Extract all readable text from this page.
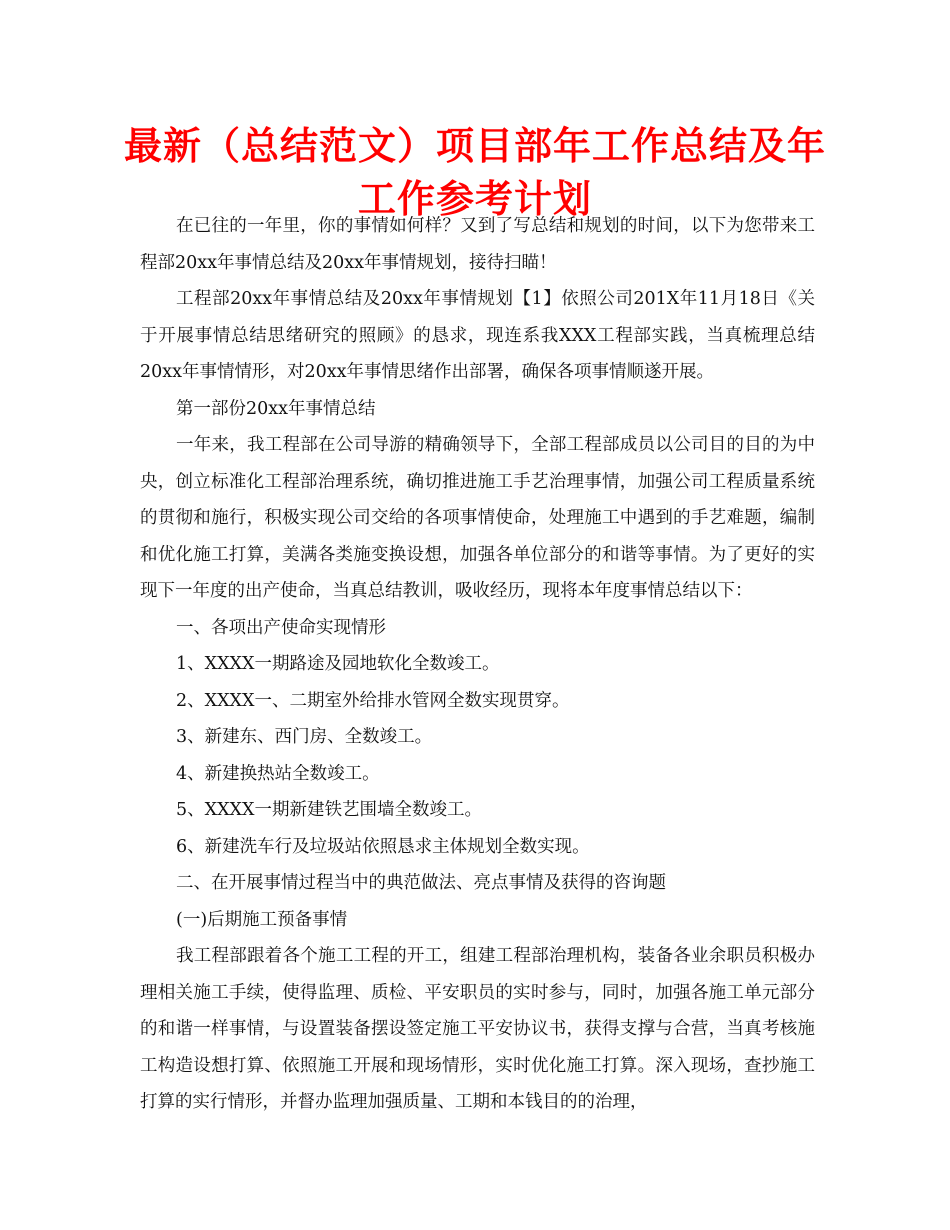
最新（总结范文）项目部年工作总结及年工作参考计划

在已往的一年里，你的事情如何样？又到了写总结和规划的时间，以下为您带来工程部20xx年事情总结及20xx年事情规划，接待扫瞄！

工程部20xx年事情总结及20xx年事情规划【1】依照公司201X年11月18日《关于开展事情总结思绪研究的照顾》的恳求，现连系我XXX工程部实践，当真梳理总结20xx年事情情形，对20xx年事情思绪作出部署，确保各项事情顺遂开展。

第一部份20xx年事情总结

一年来，我工程部在公司导游的精确领导下，全部工程部成员以公司目的目的为中央，创立标准化工程部治理系统，确切推进施工手艺治理事情，加强公司工程质量系统的贯彻和施行，积极实现公司交给的各项事情使命，处理施工中遇到的手艺难题，编制和优化施工打算，美满各类施变换设想，加强各单位部分的和谐等事情。为了更好的实现下一年度的出产使命，当真总结教训，吸收经历，现将本年度事情总结以下：

一、各项出产使命实现情形

1、XXXX一期路途及园地软化全数竣工。

2、XXXX一、二期室外给排水管网全数实现贯穿。

3、新建东、西门房、全数竣工。

4、新建换热站全数竣工。

5、XXXX一期新建铁艺围墙全数竣工。

6、新建洗车行及垃圾站依照恳求主体规划全数实现。

二、在开展事情过程当中的典范做法、亮点事情及获得的咨询题

(一)后期施工预备事情

我工程部跟着各个施工工程的开工，组建工程部治理机构，装备各业余职员积极办理相关施工手续，使得监理、质检、平安职员的实时参与，同时，加强各施工单元部分的和谐一样事情，与设置装备摆设签定施工平安协议书，获得支撑与合营，当真考核施工构造设想打算、依照施工开展和现场情形，实时优化施工打算。深入现场，查抄施工打算的实行情形，并督办监理加强质量、工期和本钱目的的治理，
